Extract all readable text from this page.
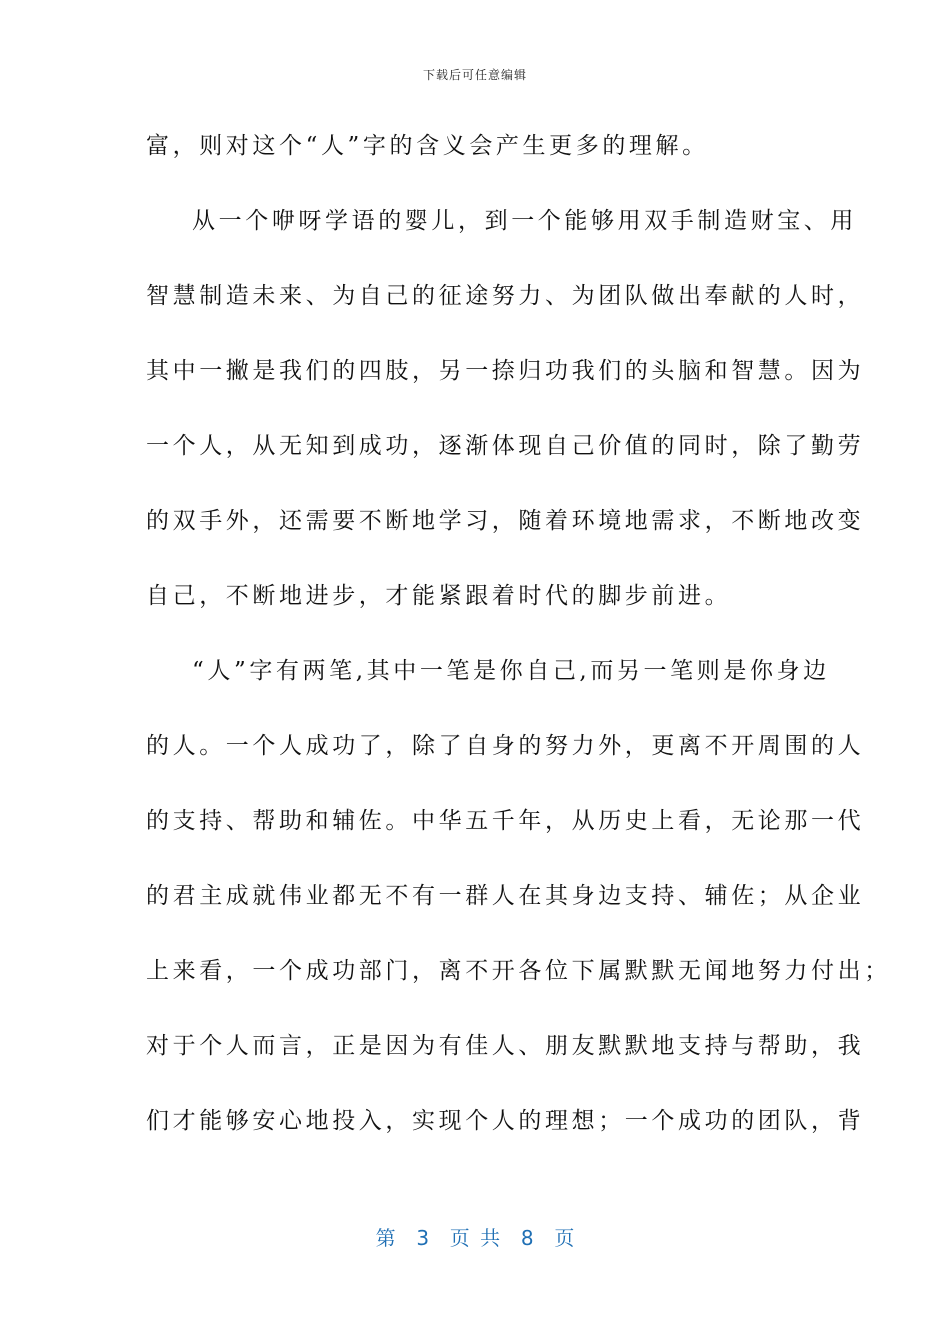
下载后可任意编辑
富，则对这个“人”字的含义会产生更多的理解。
从一个咿呀学语的婴儿，到一个能够用双手制造财宝、用
智慧制造未来、为自己的征途努力、为团队做出奉献的人时，
其中一撇是我们的四肢，另一捺归功我们的头脑和智慧。因为
一个人，从无知到成功，逐渐体现自己价值的同时，除了勤劳
的双手外，还需要不断地学习，随着环境地需求，不断地改变
自己，不断地进步，才能紧跟着时代的脚步前进。
“人”字有两笔,其中一笔是你自己,而另一笔则是你身边
的人。一个人成功了，除了自身的努力外，更离不开周围的人
的支持、帮助和辅佐。中华五千年，从历史上看，无论那一代
的君主成就伟业都无不有一群人在其身边支持、辅佐；从企业
上来看，一个成功部门，离不开各位下属默默无闻地努力付出；
对于个人而言，正是因为有佳人、朋友默默地支持与帮助，我
们才能够安心地投入，实现个人的理想；一个成功的团队，背
第  3  页 共  8  页
